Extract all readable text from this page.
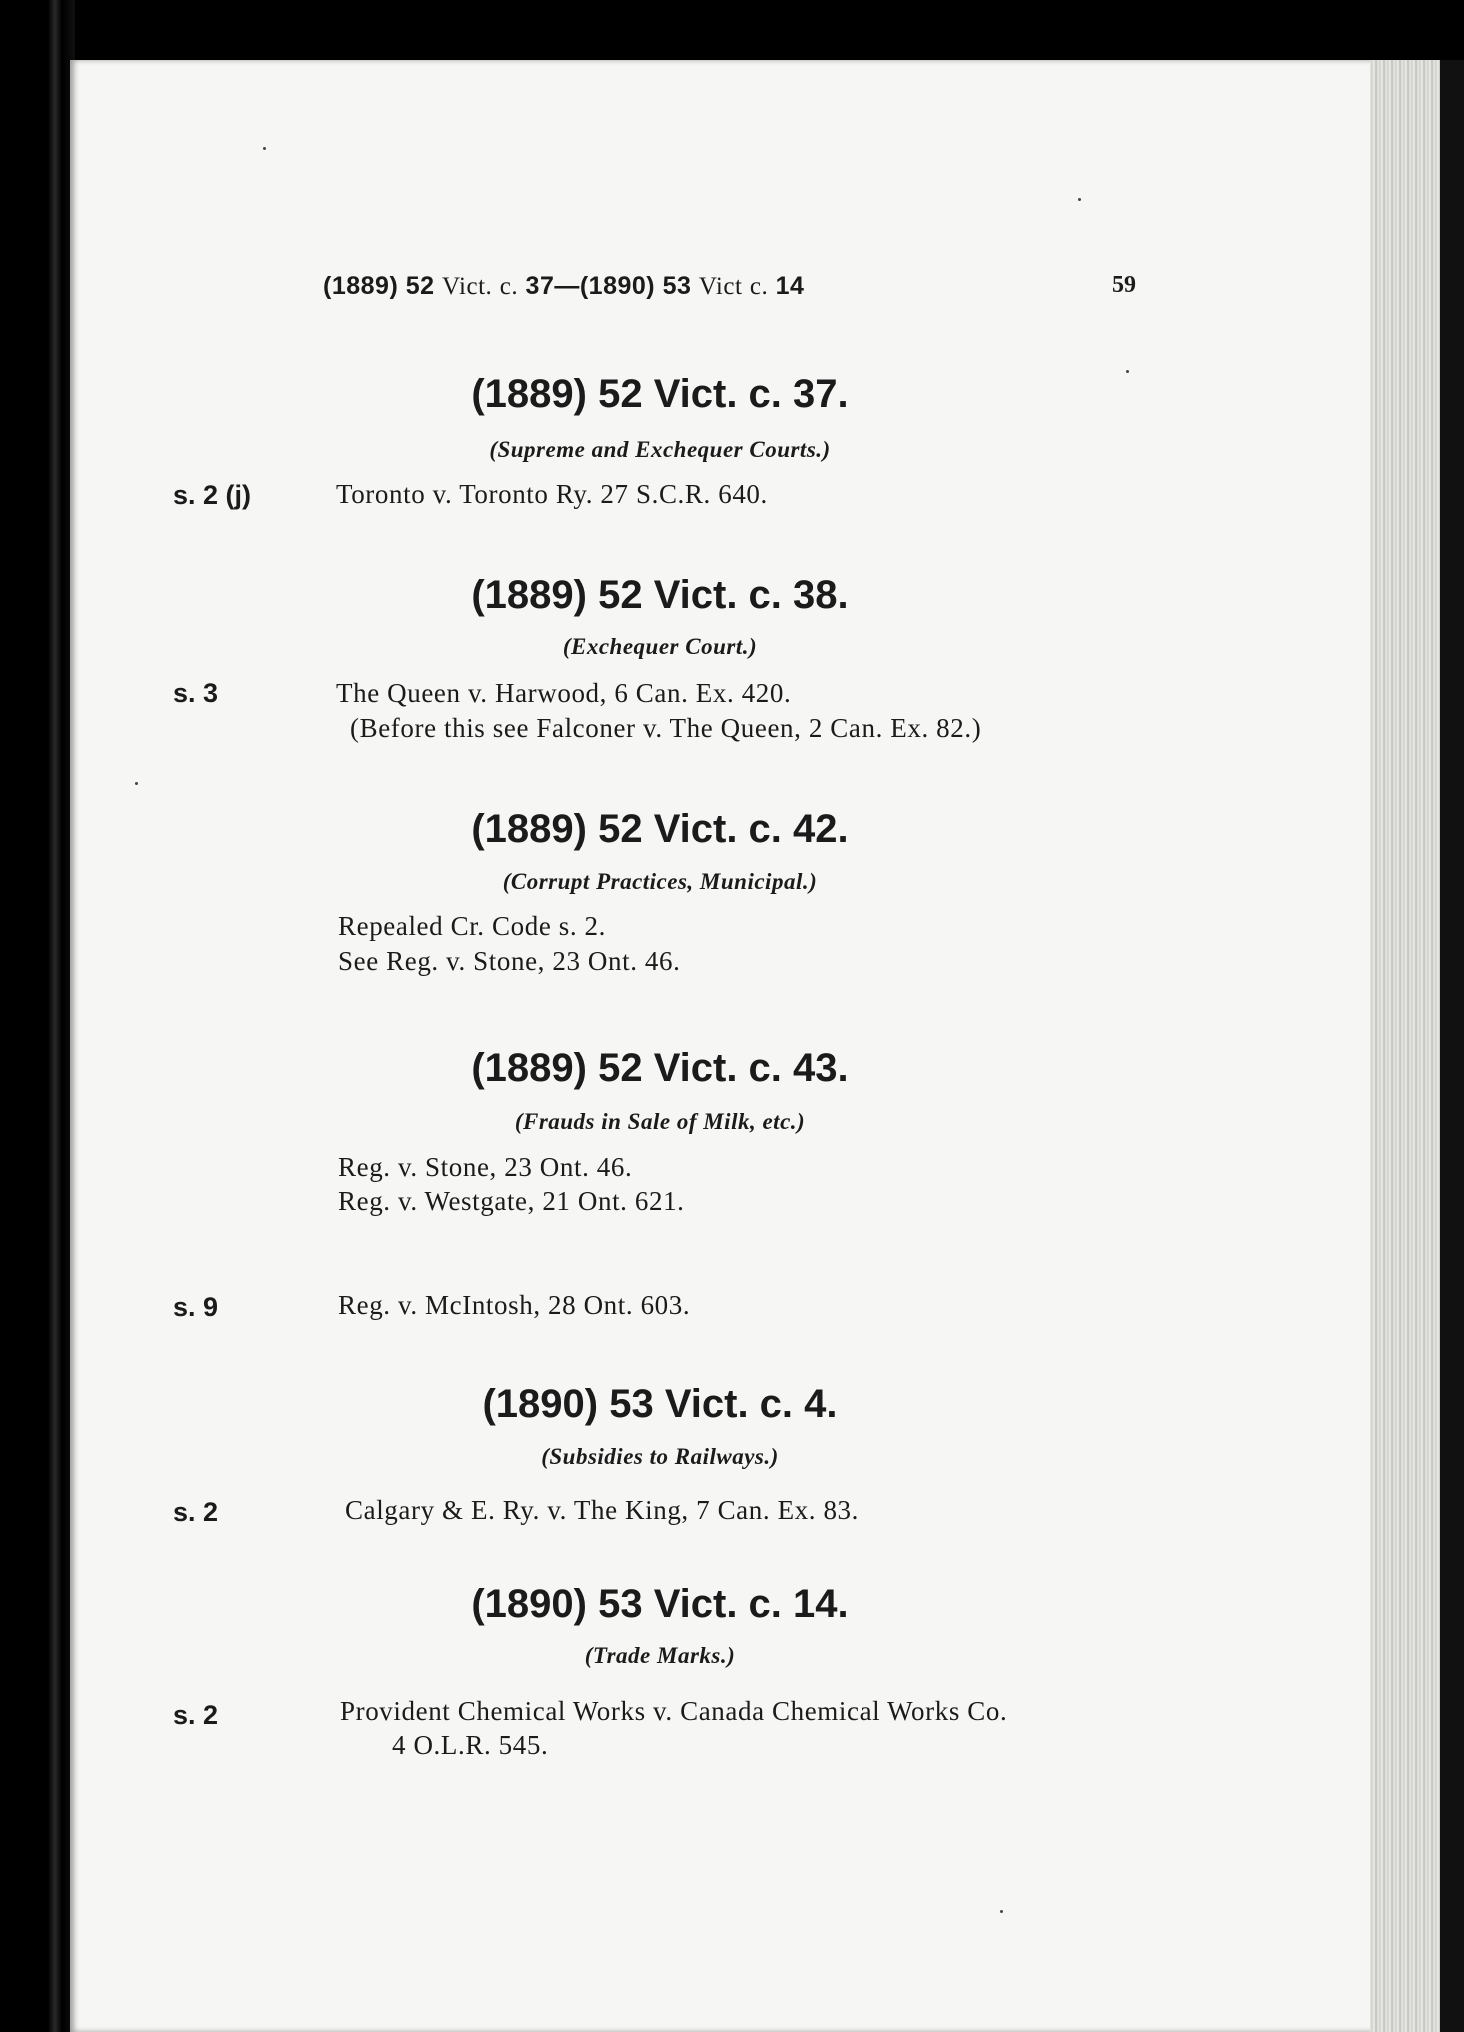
(1889) 52 Vict. c. 37—(1890) 53 Vict c. 14	59
(1889) 52 Vict. c. 37.
(Supreme and Exchequer Courts.)
s. 2 (j)	Toronto v. Toronto Ry. 27 S.C.R. 640.
(1889) 52 Vict. c. 38.
(Exchequer Court.)
s. 3	The Queen v. Harwood, 6 Can. Ex. 420.
(Before this see Falconer v. The Queen, 2 Can. Ex. 82.)
(1889) 52 Vict. c. 42.
(Corrupt Practices, Municipal.)
Repealed Cr. Code s. 2.
See Reg. v. Stone, 23 Ont. 46.
(1889) 52 Vict. c. 43.
(Frauds in Sale of Milk, etc.)
Reg. v. Stone, 23 Ont. 46.
Reg. v. Westgate, 21 Ont. 621.
s. 9	Reg. v. McIntosh, 28 Ont. 603.
(1890) 53 Vict. c. 4.
(Subsidies to Railways.)
s. 2	Calgary & E. Ry. v. The King, 7 Can. Ex. 83.
(1890) 53 Vict. c. 14.
(Trade Marks.)
s. 2	Provident Chemical Works v. Canada Chemical Works Co.
4 O.L.R. 545.
